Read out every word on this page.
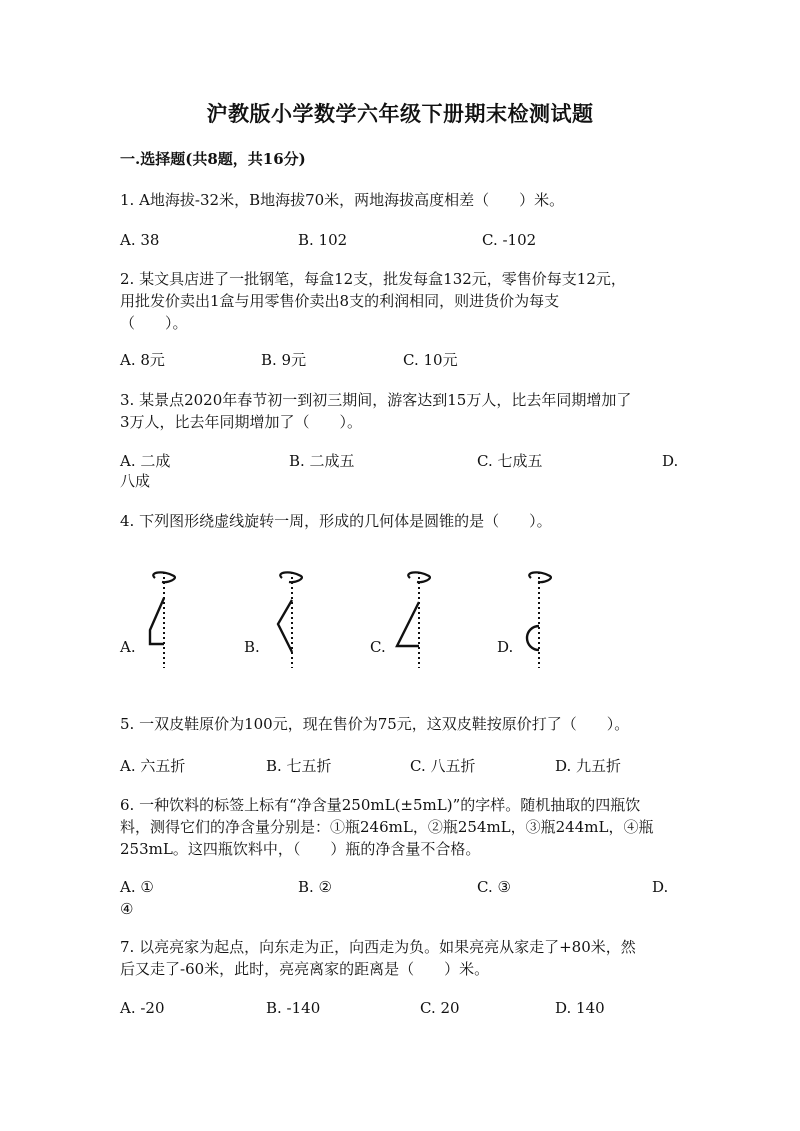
沪教版小学数学六年级下册期末检测试题
一.选择题(共8题，共16分)
1. A地海拔-32米，B地海拔70米，两地海拔高度相差（　　）米。
A. 38	B. 102	C. -102
2. 某文具店进了一批钢笔，每盒12支，批发每盒132元，零售价每支12元，
用批发价卖出1盒与用零售价卖出8支的利润相同，则进货价为每支
（　　）。
A. 8元	B. 9元	C. 10元
3. 某景点2020年春节初一到初三期间，游客达到15万人，比去年同期增加了
3万人，比去年同期增加了（　　）。
A. 二成	B. 二成五	C. 七成五	D.
八成
4. 下列图形绕虚线旋转一周，形成的几何体是圆锥的是（　　）。
A.	B.	C.	D.
5. 一双皮鞋原价为100元，现在售价为75元，这双皮鞋按原价打了（　　）。
A. 六五折	B. 七五折	C. 八五折	D. 九五折
6. 一种饮料的标签上标有“净含量250mL(±5mL)”的字样。随机抽取的四瓶饮
料，测得它们的净含量分别是：①瓶246mL，②瓶254mL，③瓶244mL，④瓶
253mL。这四瓶饮料中，（　　）瓶的净含量不合格。
A. ①	B. ②	C. ③	D.
④
7. 以亮亮家为起点，向东走为正，向西走为负。如果亮亮从家走了+80米，然
后又走了-60米，此时，亮亮离家的距离是（　　）米。
A. -20	B. -140	C. 20	D. 140
